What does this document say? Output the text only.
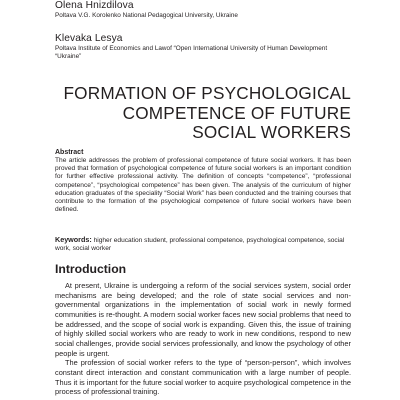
Olena Hnizdilova

Poltava V.G. Korolenko National Pedagogical University, Ukraine

Klevaka Lesya

Poltava Institute of Economics and Lawof “Open International University of Human Development “Ukraine”

FORMATION OF PSYCHOLOGICAL COMPETENCE OF FUTURE SOCIAL WORKERS
Abstract

The article addresses the problem of professional competence of future social workers. It has been proved that formation of psychological competence of future social workers is an important condition for further effective professional activity. The definition of concepts “competence”, “professional competence”, “psychological competence” has been given. The analysis of the curriculum of higher education graduates of the speciality “Social Work” has been conducted and the training courses that contribute to the formation of the psychological competence of future social workers have been defined.

Keywords: higher education student, professional competence, psychological competence, social work, social worker

Introduction

At present, Ukraine is undergoing a reform of the social services system, social order mechanisms are being developed; and the role of state social services and non-governmental organizations in the implementation of social work in newly formed communities is re-thought. A modern social worker faces new social problems that need to be addressed, and the scope of social work is expanding. Given this, the issue of training of highly skilled social workers who are ready to work in new conditions, respond to new social challenges, provide social services professionally, and know the psychology of other people is urgent.

The profession of social worker refers to the type of “person-person”, which involves constant direct interaction and constant communication with a large number of people. Thus it is important for the future social worker to acquire psychological competence in the process of professional training.
